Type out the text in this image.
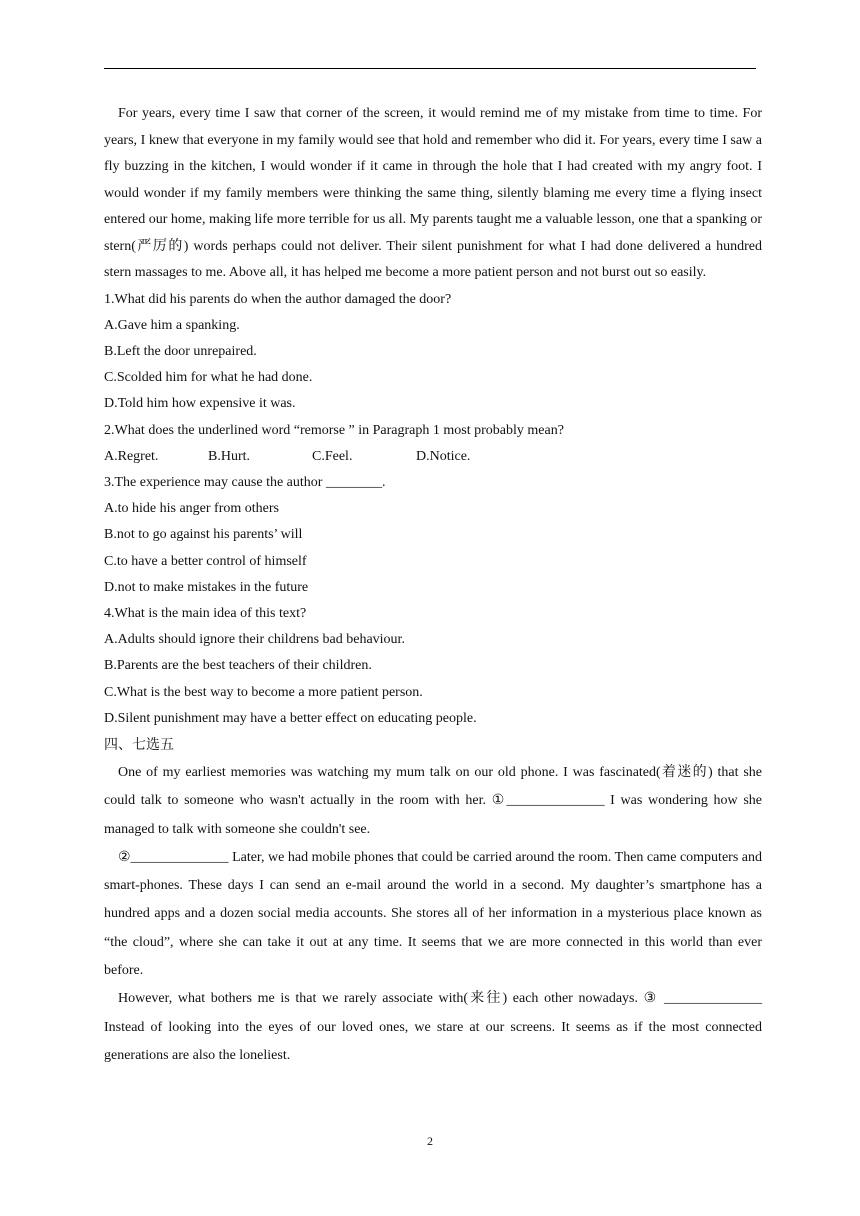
For years, every time I saw that corner of the screen, it would remind me of my mistake from time to time. For years, I knew that everyone in my family would see that hold and remember who did it. For years, every time I saw a fly buzzing in the kitchen, I would wonder if it came in through the hole that I had created with my angry foot. I would wonder if my family members were thinking the same thing, silently blaming me every time a flying insect entered our home, making life more terrible for us all. My parents taught me a valuable lesson, one that a spanking or stern(严厉的) words perhaps could not deliver. Their silent punishment for what I had done delivered a hundred stern massages to me. Above all, it has helped me become a more patient person and not burst out so easily.

1.What did his parents do when the author damaged the door?

A.Gave him a spanking.

B.Left the door unrepaired.

C.Scolded him for what he had done.

D.Told him how expensive it was.

2.What does the underlined word “remorse ” in Paragraph 1 most probably mean?

A.Regret.	B.Hurt.	C.Feel.	D.Notice.

3.The experience may cause the author ________.

A.to hide his anger from others

B.not to go against his parents’ will

C.to have a better control of himself

D.not to make mistakes in the future

4.What is the main idea of this text?

A.Adults should ignore their childrens bad behaviour.

B.Parents are the best teachers of their children.

C.What is the best way to become a more patient person.

D.Silent punishment may have a better effect on educating people.

四、七选五

One of my earliest memories was watching my mum talk on our old phone. I was fascinated(着迷的) that she could talk to someone who wasn't actually in the room with her. ①______________ I was wondering how she managed to talk with someone she couldn't see.

②______________ Later, we had mobile phones that could be carried around the room. Then came computers and smart-phones. These days I can send an e-mail around the world in a second. My daughter’s smartphone has a hundred apps and a dozen social media accounts. She stores all of her information in a mysterious place known as “the cloud”, where she can take it out at any time. It seems that we are more connected in this world than ever before.

However, what bothers me is that we rarely associate with(来往) each other nowadays. ③ ______________ Instead of looking into the eyes of our loved ones, we stare at our screens. It seems as if the most connected generations are also the loneliest.

2
